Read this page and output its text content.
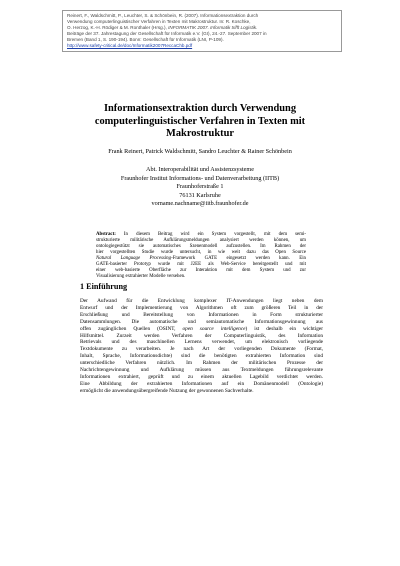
Reinert, F., Waldschmitt, P., Leuchter, S. & Schönbein, R. (2007). Informationsextraktion durch
Verwendung computerlinguistischer Verfahren in Texten mit Makrostruktur. In: R. Koschke,
O. Herzog, K.-H. Rödiger & M. Ronthaler (Hrsg.), INFORMATIK 2007. Informatik trifft Logistik.
Beiträge der 37. Jahrestagung der Gesellschaft für Informatik e.V. (GI), 24.-27. September 2007 in
Bremen (Band 1, S. 190-194). Bonn: Gesellschaft für Informatik (LNI, P-109).
http://www.safety-critical.de/doc/Informatik2007ReccaChb.pdf
Informationsextraktion durch Verwendung
computerlinguistischer Verfahren in Texten mit
Makrostruktur
Frank Reinert, Patrick Waldschmitt, Sandro Leuchter & Rainer Schönbein
Abt. Interoperabilität und Assistenzsysteme
Fraunhofer Institut Informations- und Datenverarbeitung (IITB)
Fraunhoferstraße 1
76131 Karlsruhe
vorname.nachname@iitb.fraunhofer.de
Abstract: In diesem Beitrag wird ein System vorgestellt, mit dem semi-
strukturierte militärische Aufklärungsmeldungen analysiert werden können, um
ontologiegestützt sie automatisches Szenenmodell aufzustellen. Im Rahmen der
hier vorgestellten Studie wurde untersucht, in wie weit dazu das Open Source
Natural Language Processing-Framework GATE eingesetzt werden kann. Ein
GATE-basierter Prototyp wurde mit J2EE als Web-Service bereitgestellt und mit
einer web-basierte Oberfläche zur Interaktion mit dem System und zur
Visualisierung extrahierter Modelle versehen.
1 Einführung
Der Aufwand für die Entwicklung komplexer IT-Anwendungen liegt neben dem
Entwurf und der Implementierung von Algorithmen oft zum größeren Teil in der
Erschließung und Bereitstellung von Informationen in Form strukturierter
Datensammlungen. Die automatische und semiautomatische Informationsgewinnung aus
offen zugänglichen Quellen (OSINT, open source intelligence) ist deshalb ein wichtiger
Hilfsmittel. Zurzeit werden Verfahren der Computerlinguistik, des Information
Retrievals und des maschinellen Lernens verwendet, um elektronisch vorliegende
Textdokumente zu verarbeiten. Je nach Art der vorliegenden Dokumente (Format,
Inhalt, Sprache, Informationsdichte) sind die benötigten extrahierten Information sind
unterschiedliche Verfahren nützlich. Im Rahmen der militärischen Prozesse der
Nachrichtengewinnung und Aufklärung müssen aus Textmeldungen führungsrelevante
Informationen extrahiert, geprüft und zu einem aktuellen Lagebild verdichtet werden.
Eine Abbildung der extrahierten Informationen auf ein Domänenmodell (Ontologie)
ermöglicht die anwendungsübergreifende Nutzung der gewonnenen Sachverhalte.
